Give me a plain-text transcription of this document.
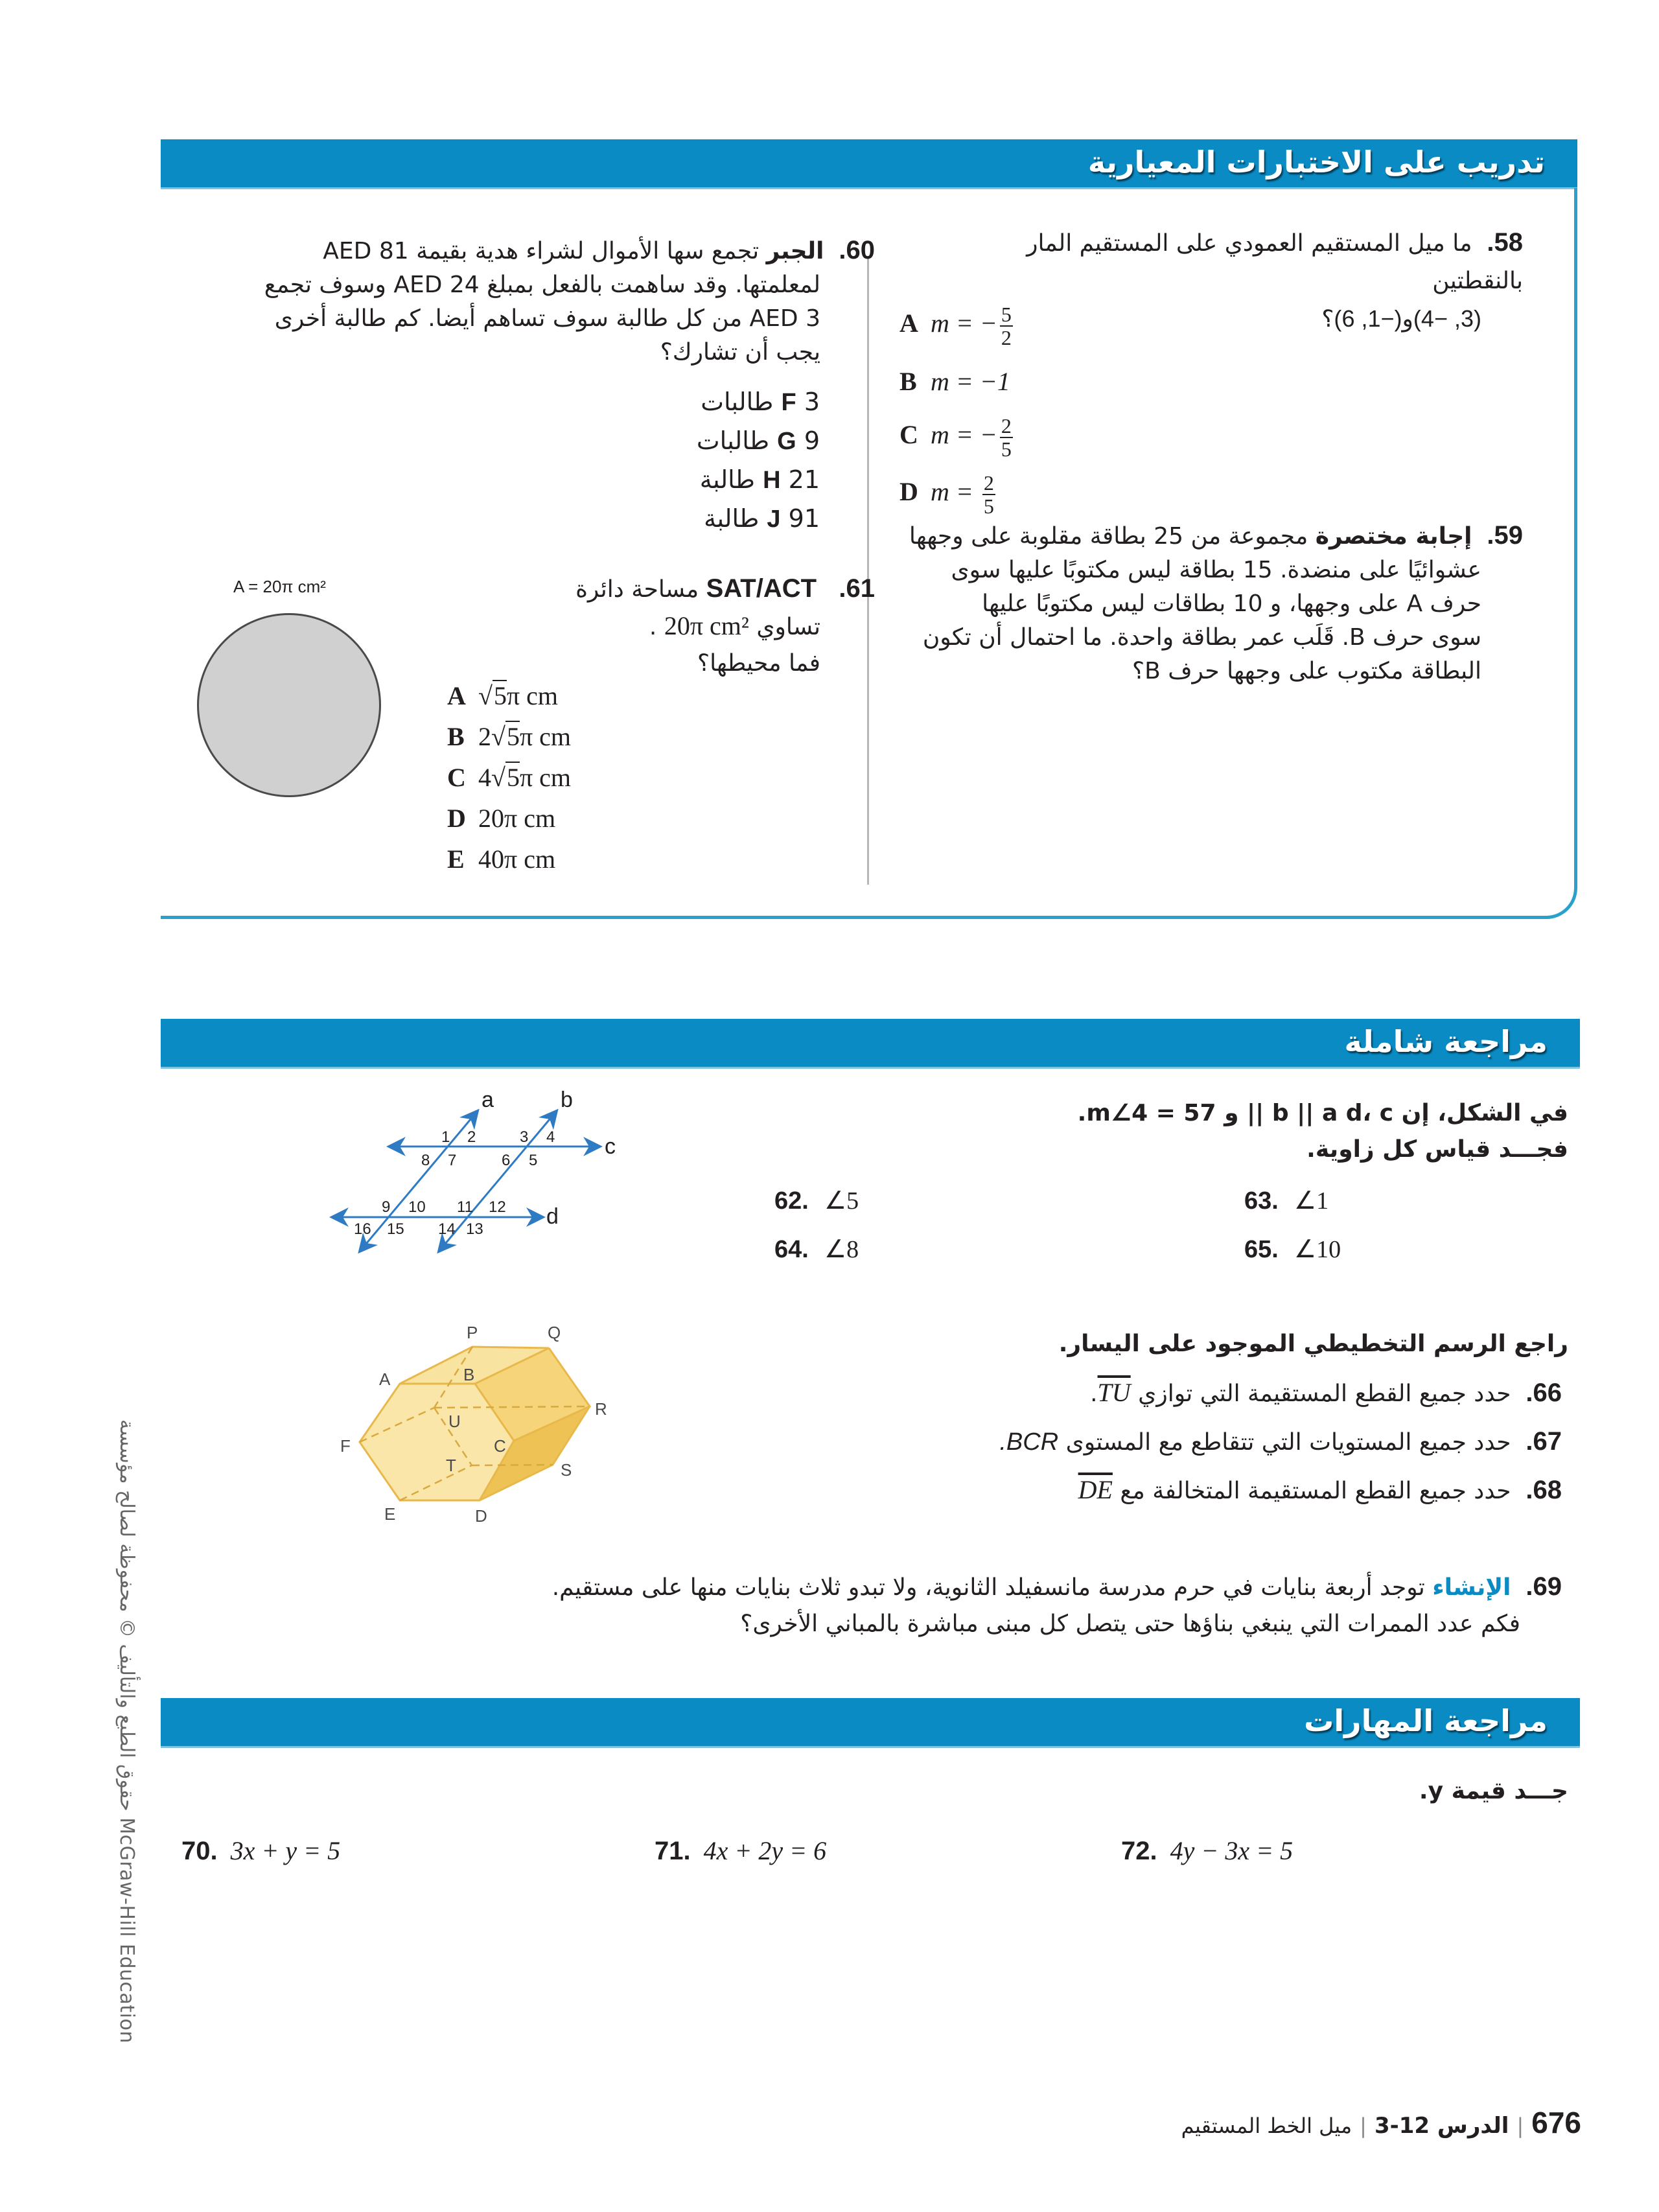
تدريب على الاختبارات المعيارية
58.  ما ميل المستقيم العمودي على المستقيم المار بالنقطتين
(3, −4)و(−1, 6)؟
A m = − $\frac{5}{2}$
B m = −1
C m = − $\frac{2}{5}$
D $m = \frac{2}{5}$
59.  إجابة مختصرة مجموعة من 25 بطاقة مقلوبة على وجهها
عشوائيًا على منضدة. 15 بطاقة ليس مكتوبًا عليها سوى
حرف A على وجهها، و 10 بطاقات ليس مكتوبًا عليها
سوى حرف B. قَلَب عمر بطاقة واحدة. ما احتمال أن تكون
البطاقة مكتوب على وجهها حرف B؟
60.  الجبر تجمع سها الأموال لشراء هدية بقيمة AED 81
لمعلمتها. وقد ساهمت بالفعل بمبلغ AED 24 وسوف تجمع
AED 3 من كل طالبة سوف تساهم أيضا. كم طالبة أخرى
يجب أن تشارك؟
F 3 طالبات
G 9 طالبات
H 21 طالبة
J 91 طالبة
61.   SAT/ACT مساحة دائرة
تساوي 20π cm² .
فما محيطها؟
A = 20π cm²
A √5π cm
B 2√5π cm
C 4√5π cm
D 20π cm
E 40π cm
مراجعة شاملة
في الشكل، إن b || a d، c || و m∠4 = 57.
فجـــد قياس كل زاوية.
62. ∠5	63. ∠1
64. ∠8	65. ∠10
a	b
c
d
1 2	3 4
5
6
7
8
9 10 11 12
13
14
15
16
راجع الرسم التخطيطي الموجود على اليسار.
66.  حدد جميع القطع المستقيمة التي توازي TU.
67.  حدد جميع المستويات التي تتقاطع مع المستوى BCR.
68.  حدد جميع القطع المستقيمة المتخالفة مع DE
P	Q
A	B
R
U
F	C
T	S
E	D
69.  الإنشاء توجد أربعة بنايات في حرم مدرسة مانسفيلد الثانوية، ولا تبدو ثلاث بنايات منها على مستقيم.
فكم عدد الممرات التي ينبغي بناؤها حتى يتصل كل مبنى مباشرة بالمباني الأخرى؟
مراجعة المهارات
جـــد قيمة y.
70. 3x + y = 5	71. 4x + 2y = 6	72. 4y − 3x = 5
حقوق الطبع والتأليف © محفوظة لصالح مؤسسة McGraw-Hill Education
676|الدرس 12-3|ميل الخط المستقيم
